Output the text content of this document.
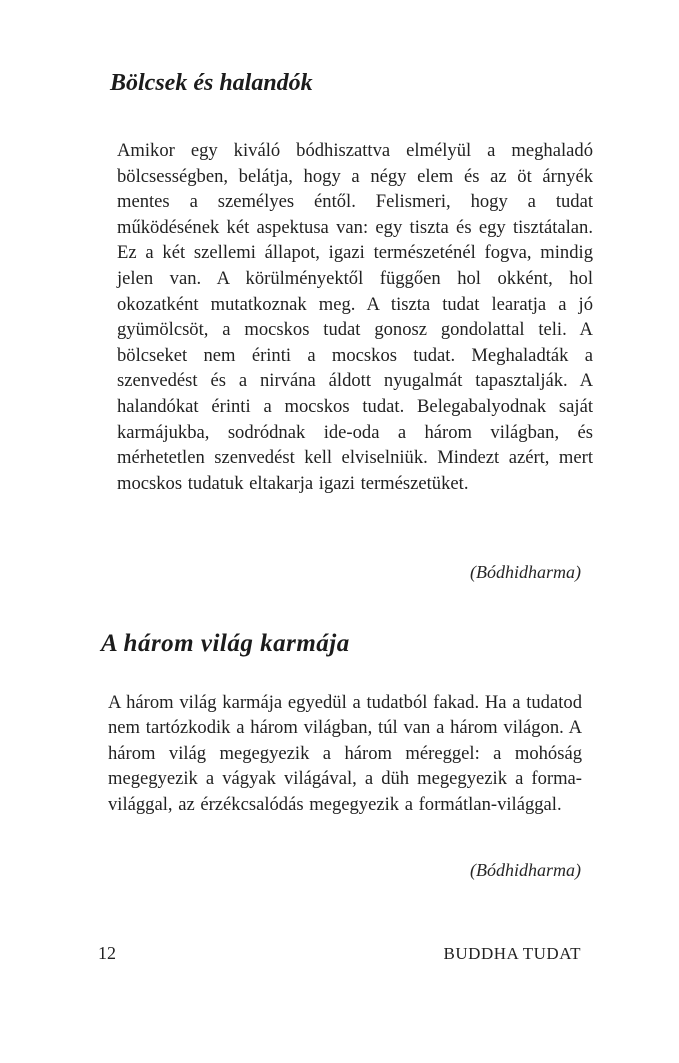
Bölcsek és halandók

Amikor egy kiváló bódhiszattva elmélyül a meghaladó bölcsességben, belátja, hogy a négy elem és az öt árnyék mentes a személyes éntől. Felismeri, hogy a tudat működésének két aspektusa van: egy tiszta és egy tisztátalan. Ez a két szellemi állapot, igazi természeténél fogva, mindig jelen van. A körülményektől függően hol okként, hol okozatként mutatkoznak meg. A tiszta tudat learatja a jó gyümölcsöt, a mocskos tudat gonosz gondolattal teli. A bölcseket nem érinti a mocskos tudat. Meghaladták a szenvedést és a nirvána áldott nyugalmát tapasztalják. A halandókat érinti a mocskos tudat. Belegabalyodnak saját karmájukba, sodródnak ide-oda a három világban, és mérhetetlen szenvedést kell elviselniük. Mindezt azért, mert mocskos tudatuk eltakarja igazi természetüket.

(Bódhidharma)

A három világ karmája

A három világ karmája egyedül a tudatból fakad. Ha a tudatod nem tartózkodik a három világban, túl van a három világon. A három világ megegyezik a három méreggel: a mohóság megegyezik a vágyak világával, a düh megegyezik a forma-világgal, az érzékcsalódás megegyezik a formátlan-világgal.

(Bódhidharma)

12	BUDDHA TUDAT
